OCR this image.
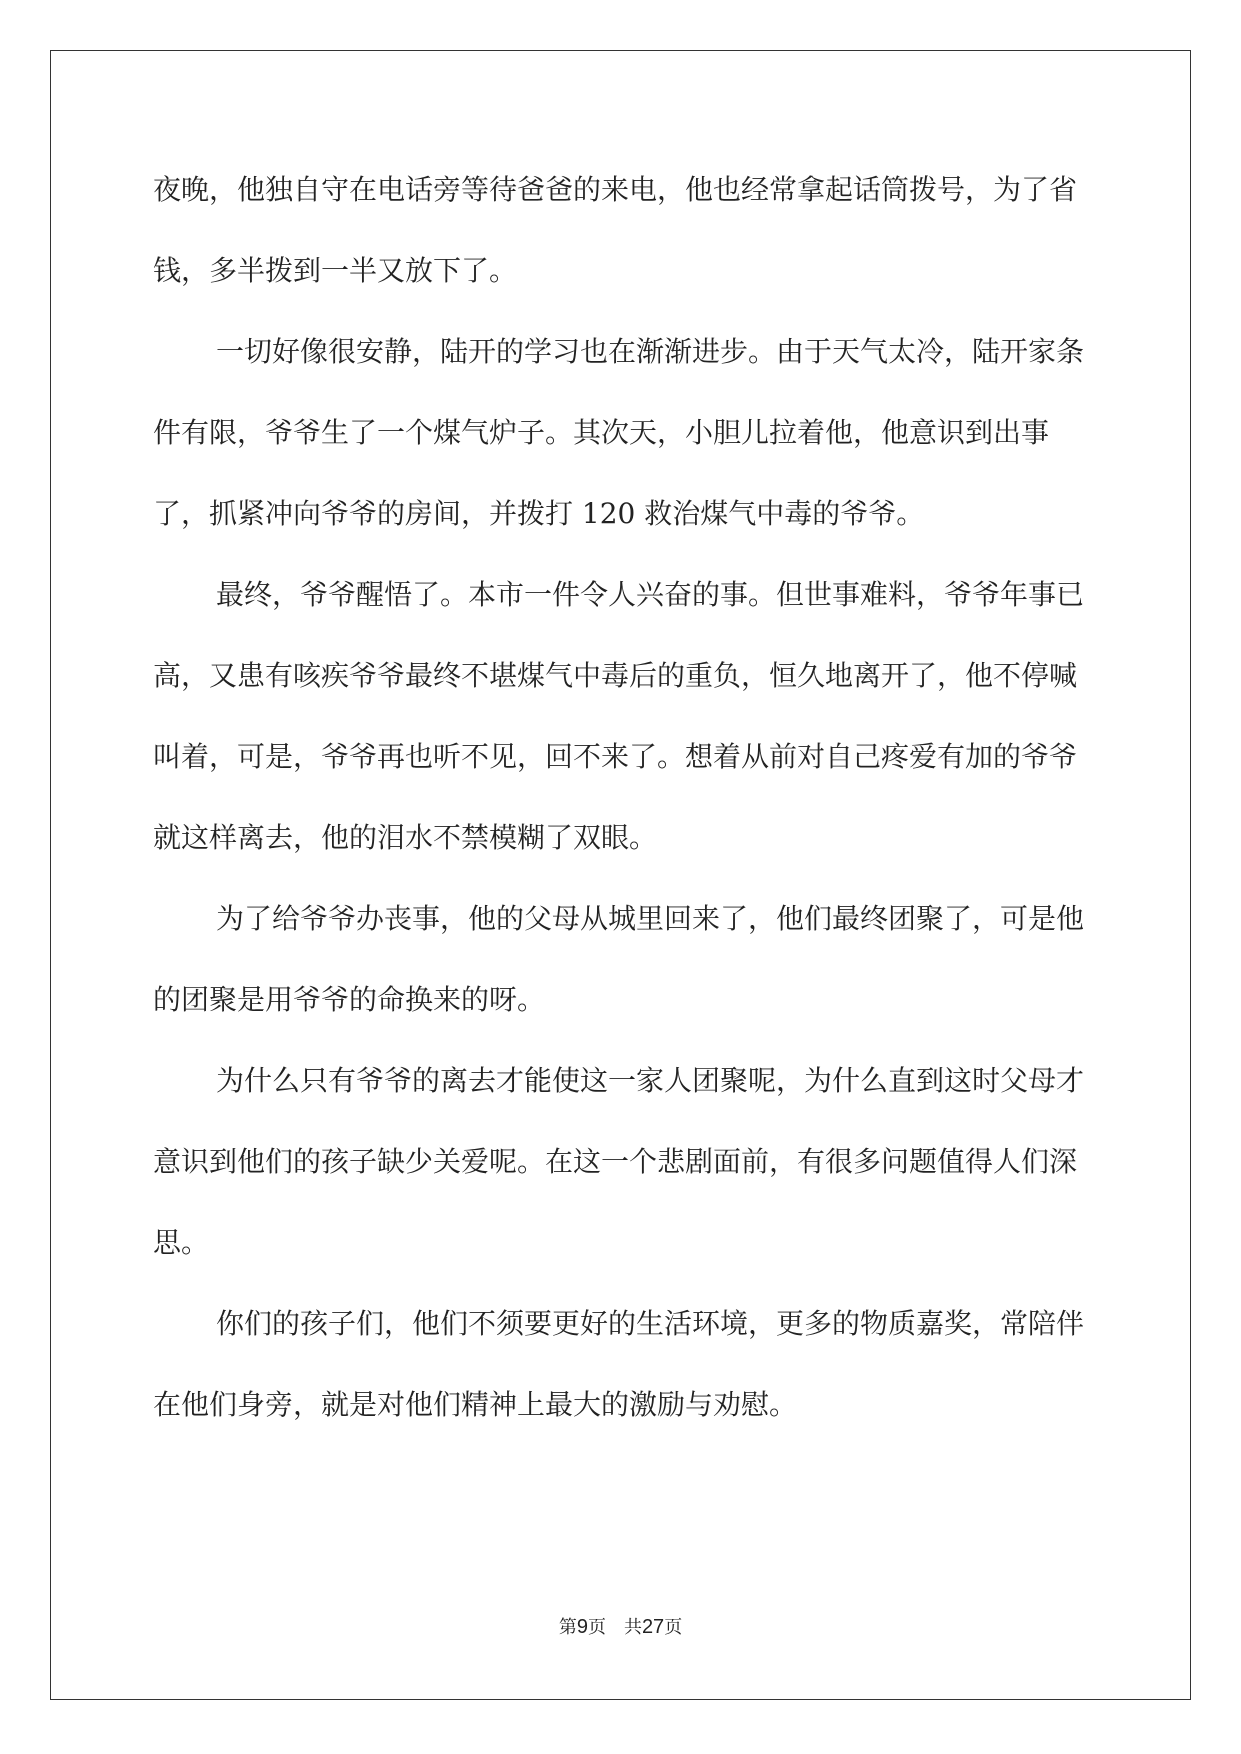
夜晚，他独自守在电话旁等待爸爸的来电，他也经常拿起话筒拨号，为了省钱，多半拨到一半又放下了。

一切好像很安静，陆开的学习也在渐渐进步。由于天气太冷，陆开家条件有限，爷爷生了一个煤气炉子。其次天，小胆儿拉着他，他意识到出事了，抓紧冲向爷爷的房间，并拨打 120 救治煤气中毒的爷爷。

最终，爷爷醒悟了。本市一件令人兴奋的事。但世事难料，爷爷年事已高，又患有咳疾爷爷最终不堪煤气中毒后的重负，恒久地离开了，他不停喊叫着，可是，爷爷再也听不见，回不来了。想着从前对自己疼爱有加的爷爷就这样离去，他的泪水不禁模糊了双眼。

为了给爷爷办丧事，他的父母从城里回来了，他们最终团聚了，可是他的团聚是用爷爷的命换来的呀。

为什么只有爷爷的离去才能使这一家人团聚呢，为什么直到这时父母才意识到他们的孩子缺少关爱呢。在这一个悲剧面前，有很多问题值得人们深思。

你们的孩子们，他们不须要更好的生活环境，更多的物质嘉奖，常陪伴在他们身旁，就是对他们精神上最大的激励与劝慰。

第9页 共27页
